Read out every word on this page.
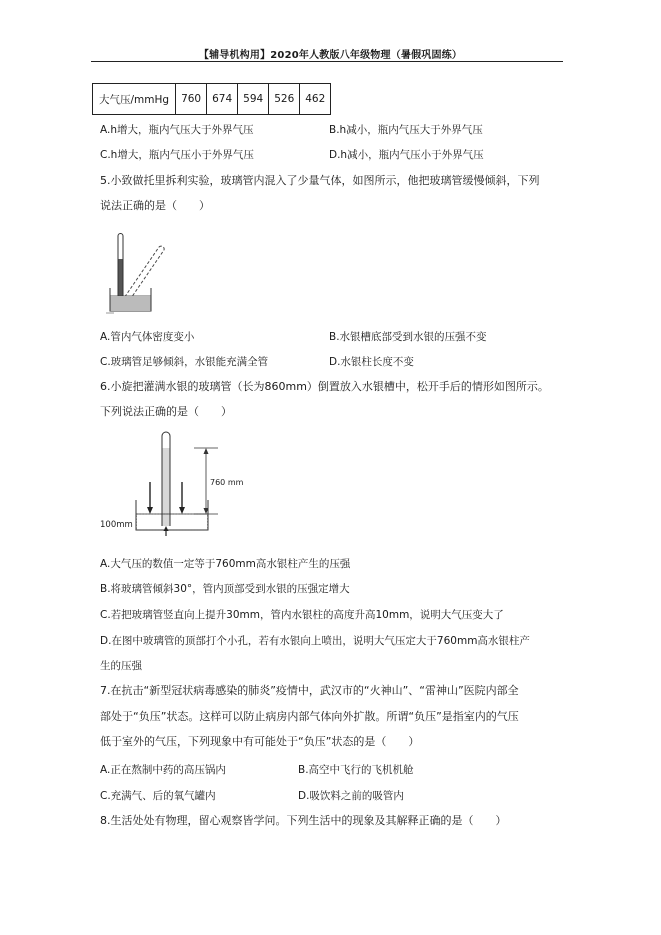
【辅导机构用】2020年人教版八年级物理（暑假巩固练）
大气压/mmHg	760	674	594	526	462
A.h增大，瓶内气压大于外界气压	B.h减小，瓶内气压大于外界气压
C.h增大，瓶内气压小于外界气压	D.h减小，瓶内气压小于外界气压
5.小致做托里拆利实验，玻璃管内混入了少量气体，如图所示，他把玻璃管缓慢倾斜，下列
说法正确的是（　　）
A.管内气体密度变小	B.水银槽底部受到水银的压强不变
C.玻璃管足够倾斜，水银能充满全管	D.水银柱长度不变
6.小旋把灌满水银的玻璃管（长为860mm）倒置放入水银槽中，松开手后的情形如图所示。
下列说法正确的是（　　）
760 mm
100mm
A.大气压的数值一定等于760mm高水银柱产生的压强
B.将玻璃管倾斜30°，管内顶部受到水银的压强定增大
C.若把玻璃管竖直向上提升30mm，管内水银柱的高度升高10mm，说明大气压变大了
D.在图中玻璃管的顶部打个小孔，若有水银向上喷出，说明大气压定大于760mm高水银柱产
生的压强
7.在抗击“新型冠状病毒感染的肺炎”疫情中，武汉市的“火神山”、“雷神山”医院内部全
部处于“负压”状态。这样可以防止病房内部气体向外扩散。所谓“负压”是指室内的气压
低于室外的气压，下列现象中有可能处于“负压”状态的是（　　）
A.正在熬制中药的高压锅内	B.高空中飞行的飞机机舱
C.充满气、后的氧气罐内	D.吸饮料之前的吸管内
8.生活处处有物理，留心观察皆学问。下列生活中的现象及其解释正确的是（　　）
